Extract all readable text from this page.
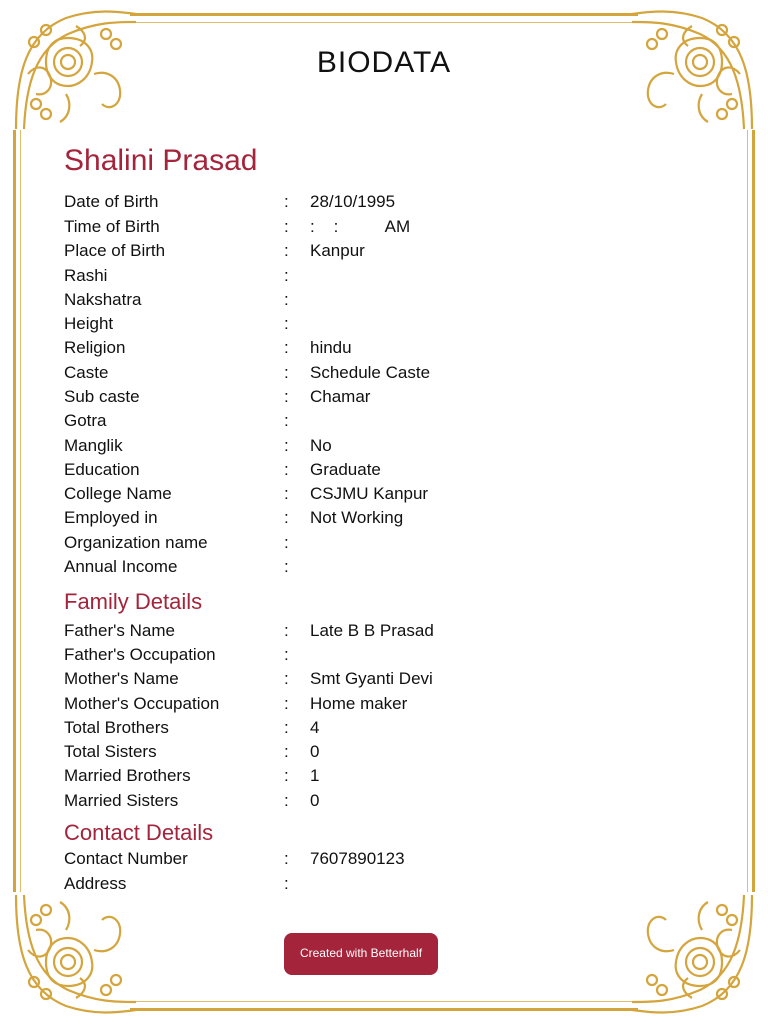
BIODATA
Shalini Prasad
Date of Birth	: 28/10/1995
Time of Birth	: :    :          AM
Place of Birth	: Kanpur
Rashi	:
Nakshatra	:
Height	:
Religion	: hindu
Caste	: Schedule Caste
Sub caste	: Chamar
Gotra	:
Manglik	: No
Education	: Graduate
College Name	: CSJMU Kanpur
Employed in	: Not Working
Organization name	:
Annual Income	:
Family Details
Father's Name	: Late B B Prasad
Father's Occupation	:
Mother's Name	: Smt Gyanti Devi
Mother's Occupation	: Home maker
Total Brothers	: 4
Total Sisters	: 0
Married Brothers	: 1
Married Sisters	: 0
Contact Details
Contact Number	: 7607890123
Address	:
Created with Betterhalf
